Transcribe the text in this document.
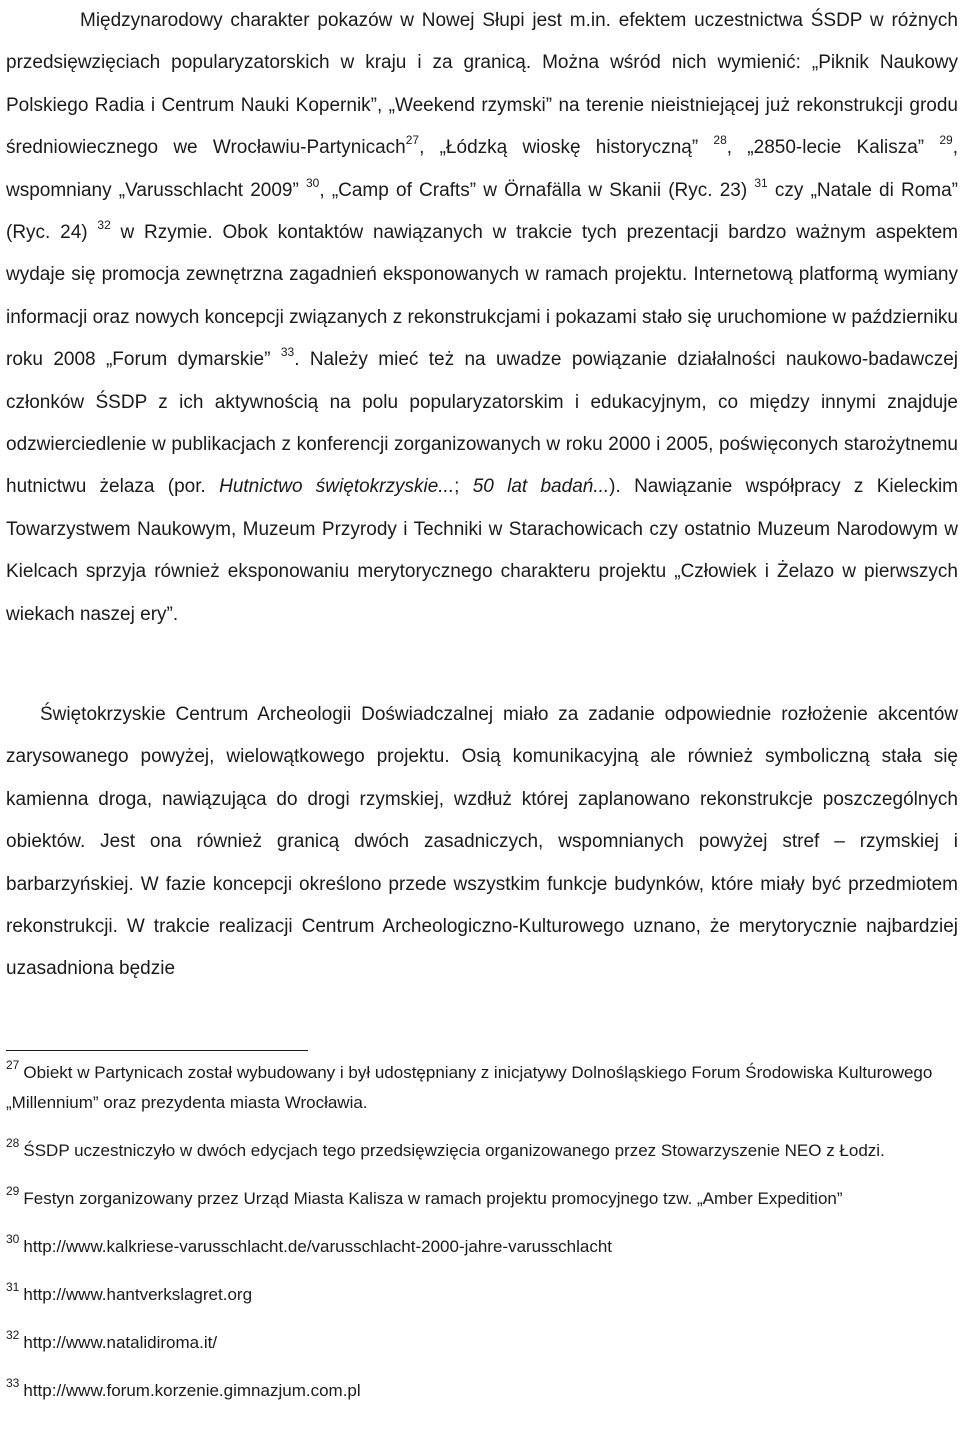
Międzynarodowy charakter pokazów w Nowej Słupi jest m.in. efektem uczestnictwa ŚSDP w różnych przedsięwzięciach popularyzatorskich w kraju i za granicą. Można wśród nich wymienić: „Piknik Naukowy Polskiego Radia i Centrum Nauki Kopernik”, „Weekend rzymski” na terenie nieistniejącej już rekonstrukcji grodu średniowiecznego we Wrocławiu-Partynicach$^{27}$, „Łódzką wioskę historyczną” $^{28}$, „2850-lecie Kalisza” $^{29}$, wspomniany „Varusschlacht 2009” $^{30}$, „Camp of Crafts” w Örnafälla w Skanii (Ryc. 23) $^{31}$ czy „Natale di Roma” (Ryc. 24) $^{32}$ w Rzymie. Obok kontaktów nawiązanych w trakcie tych prezentacji bardzo ważnym aspektem wydaje się promocja zewnętrzna zagadnień eksponowanych w ramach projektu. Internetową platformą wymiany informacji oraz nowych koncepcji związanych z rekonstrukcjami i pokazami stało się uruchomione w październiku roku 2008 „Forum dymarskie” $^{33}$. Należy mieć też na uwadze powiązanie działalności naukowo-badawczej członków ŚSDP z ich aktywnością na polu popularyzatorskim i edukacyjnym, co między innymi znajduje odzwierciedlenie w publikacjach z konferencji zorganizowanych w roku 2000 i 2005, poświęconych starożytnemu hutnictwu żelaza (por. Hutnictwo świętokrzyskie...; 50 lat badań...). Nawiązanie współpracy z Kieleckim Towarzystwem Naukowym, Muzeum Przyrody i Techniki w Starachowicach czy ostatnio Muzeum Narodowym w Kielcach sprzyja również eksponowaniu merytorycznego charakteru projektu „Człowiek i Żelazo w pierwszych wiekach naszej ery”.

Świętokrzyskie Centrum Archeologii Doświadczalnej miało za zadanie odpowiednie rozłożenie akcentów zarysowanego powyżej, wielowątkowego projektu. Osią komunikacyjną ale również symboliczną stała się kamienna droga, nawiązująca do drogi rzymskiej, wzdłuż której zaplanowano rekonstrukcje poszczególnych obiektów. Jest ona również granicą dwóch zasadniczych, wspomnianych powyżej stref – rzymskiej i barbarzyńskiej. W fazie koncepcji określono przede wszystkim funkcje budynków, które miały być przedmiotem rekonstrukcji. W trakcie realizacji Centrum Archeologiczno-Kulturowego uznano, że merytorycznie najbardziej uzasadniona będzie

$^{27}$ Obiekt w Partynicach został wybudowany i był udostępniany z inicjatywy Dolnośląskiego Forum Środowiska Kulturowego „Millennium” oraz prezydenta miasta Wrocławia.

$^{28}$ ŚSDP uczestniczyło w dwóch edycjach tego przedsięwzięcia organizowanego przez Stowarzyszenie NEO z Łodzi.

$^{29}$ Festyn zorganizowany przez Urząd Miasta Kalisza w ramach projektu promocyjnego tzw. „Amber Expedition”

$^{30}$ http://www.kalkriese-varusschlacht.de/varusschlacht-2000-jahre-varusschlacht

$^{31}$ http://www.hantverkslagret.org

$^{32}$ http://www.natalidiroma.it/

$^{33}$ http://www.forum.korzenie.gimnazjum.com.pl
